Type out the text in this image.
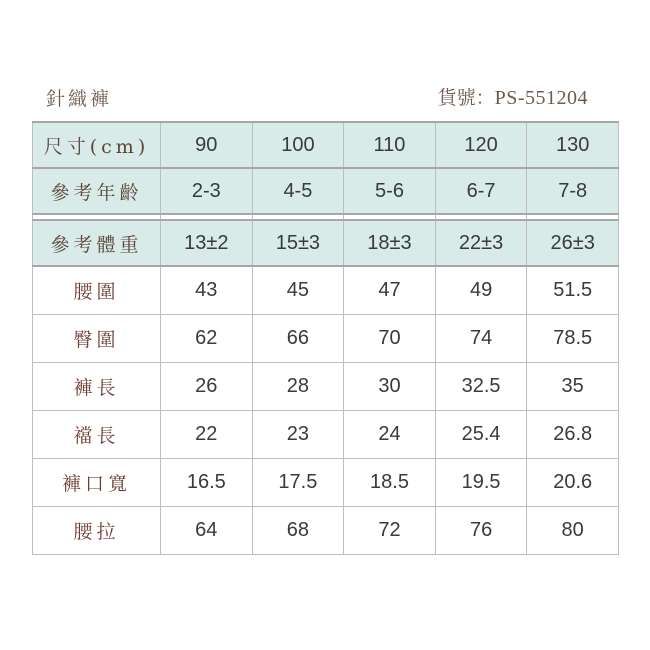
針織褲	貨號：PS-551204
尺寸(cm)	90	100	110	120	130
參考年齡	2-3	4-5	5-6	6-7	7-8

參考體重	13±2	15±3	18±3	22±3	26±3
腰圍	43	45	47	49	51.5
臀圍	62	66	70	74	78.5
褲長	26	28	30	32.5	35
襠長	22	23	24	25.4	26.8
褲口寬	16.5	17.5	18.5	19.5	20.6
腰拉	64	68	72	76	80
